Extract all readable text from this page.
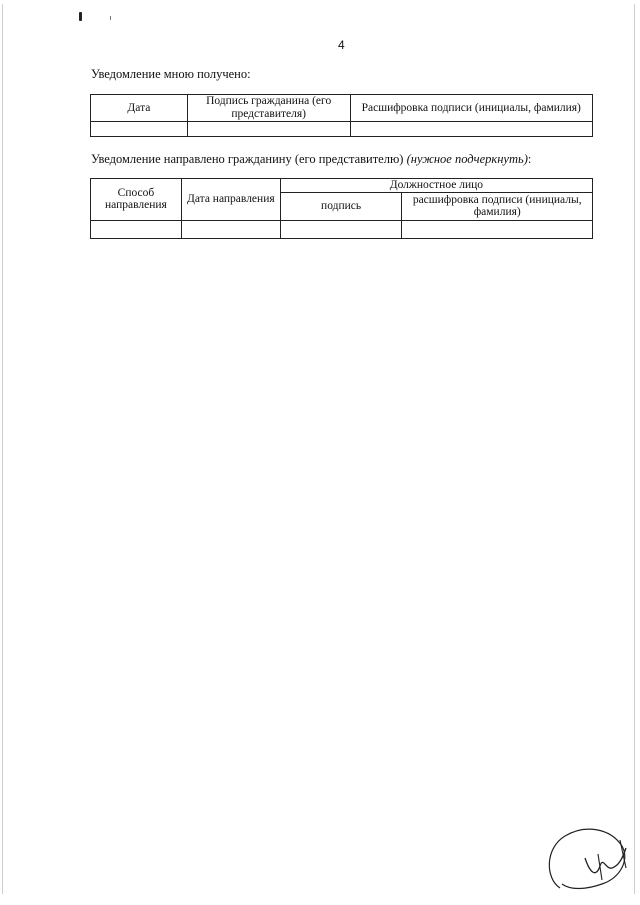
4
Уведомление мною получено:
Дата	Подпись гражданина (его представителя)	Расшифровка подписи (инициалы, фамилия)

Уведомление направлено гражданину (его представителю) (нужное подчеркнуть):
Способ направления	Дата направления	Должностное лицо	
		подпись	расшифровка подписи (инициалы, фамилия)
